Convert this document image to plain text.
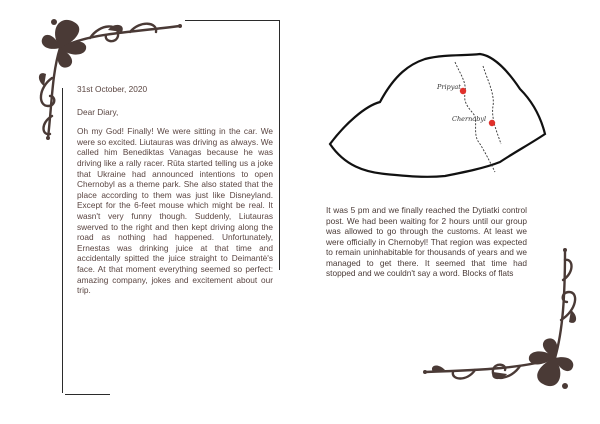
31st October, 2020

Dear Diary,

Oh my God! Finally! We were sitting in the car. We were so excited. Liutauras was driving as always. We called him Benediktas Vanagas because he was driving like a rally racer. Rūta started telling us a joke that Ukraine had announced intentions to open Chernobyl as a theme park. She also stated that the place according to them was just like Disneyland. Except for the 6-feet mouse which might be real. It wasn't very funny though. Suddenly, Liutauras swerved to the right and then kept driving along the road as nothing had happened. Unfortunately, Ernestas was drinking juice at that time and accidentally spitted the juice straight to Deimantė's face. At that moment everything seemed so perfect: amazing company, jokes and excitement about our trip.

Pripyat
Chernobyl
It was 5 pm and we finally reached the Dytiatki control post. We had been waiting for 2 hours until our group was allowed to go through the customs. At least we were officially in Chernobyl! That region was expected to remain uninhabitable for thousands of years and we managed to get there. It seemed that time had stopped and we couldn't say a word. Blocks of flats
